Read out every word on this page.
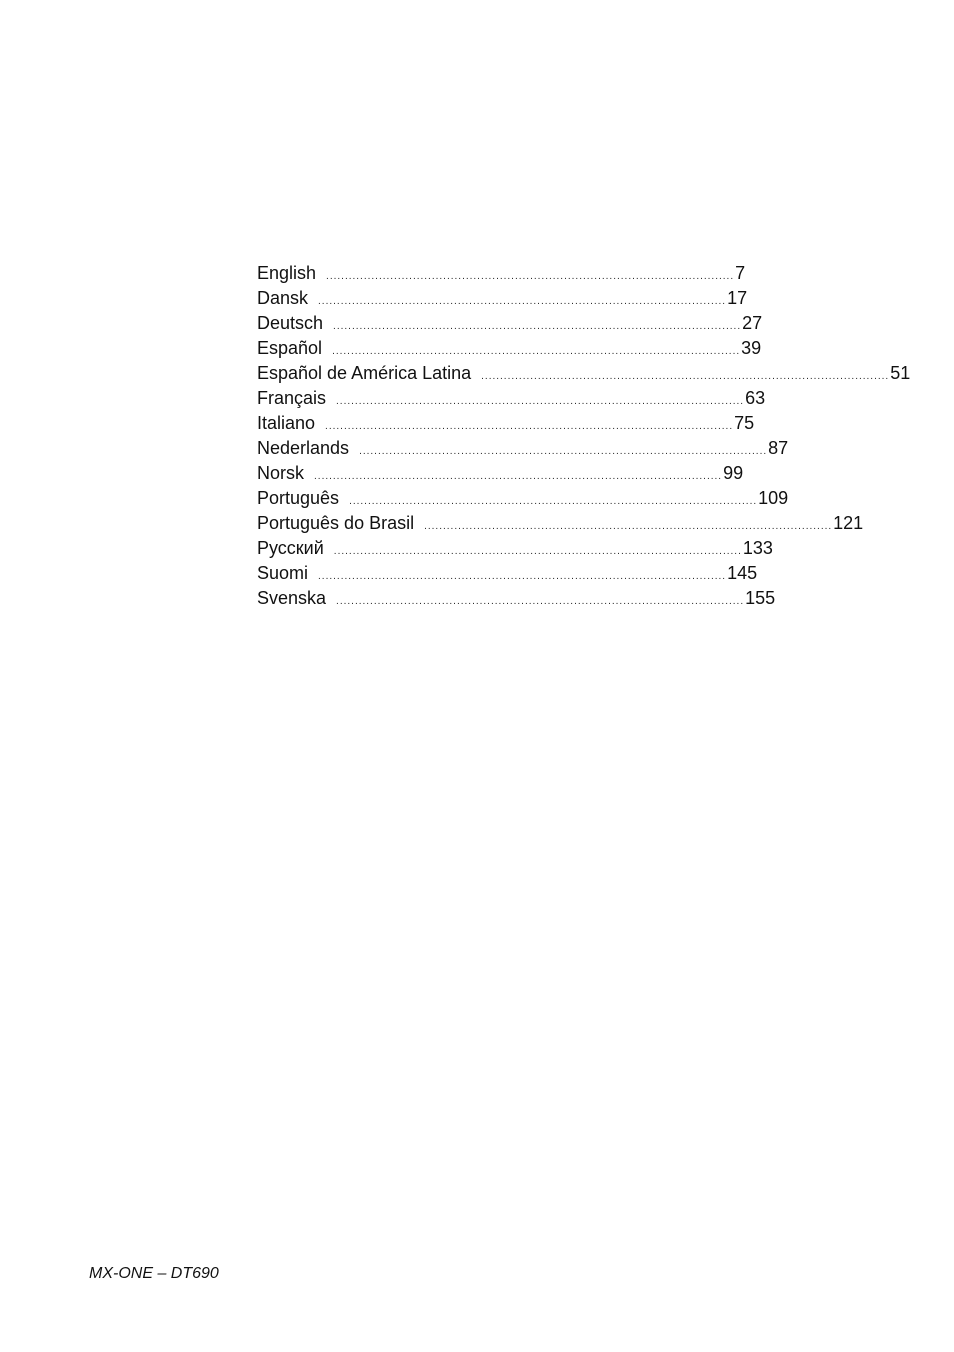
English	............................................................................................................ 7
Dansk	............................................................................................................ 17
Deutsch	............................................................................................................ 27
Español	............................................................................................................ 39
Español de América Latina	............................................................................................................ 51
Français	............................................................................................................ 63
Italiano	............................................................................................................ 75
Nederlands	............................................................................................................ 87
Norsk	............................................................................................................ 99
Português	............................................................................................................ 109
Português do Brasil	............................................................................................................ 121
Русский	............................................................................................................ 133
Suomi	............................................................................................................ 145
Svenska	............................................................................................................ 155
MX-ONE – DT690
